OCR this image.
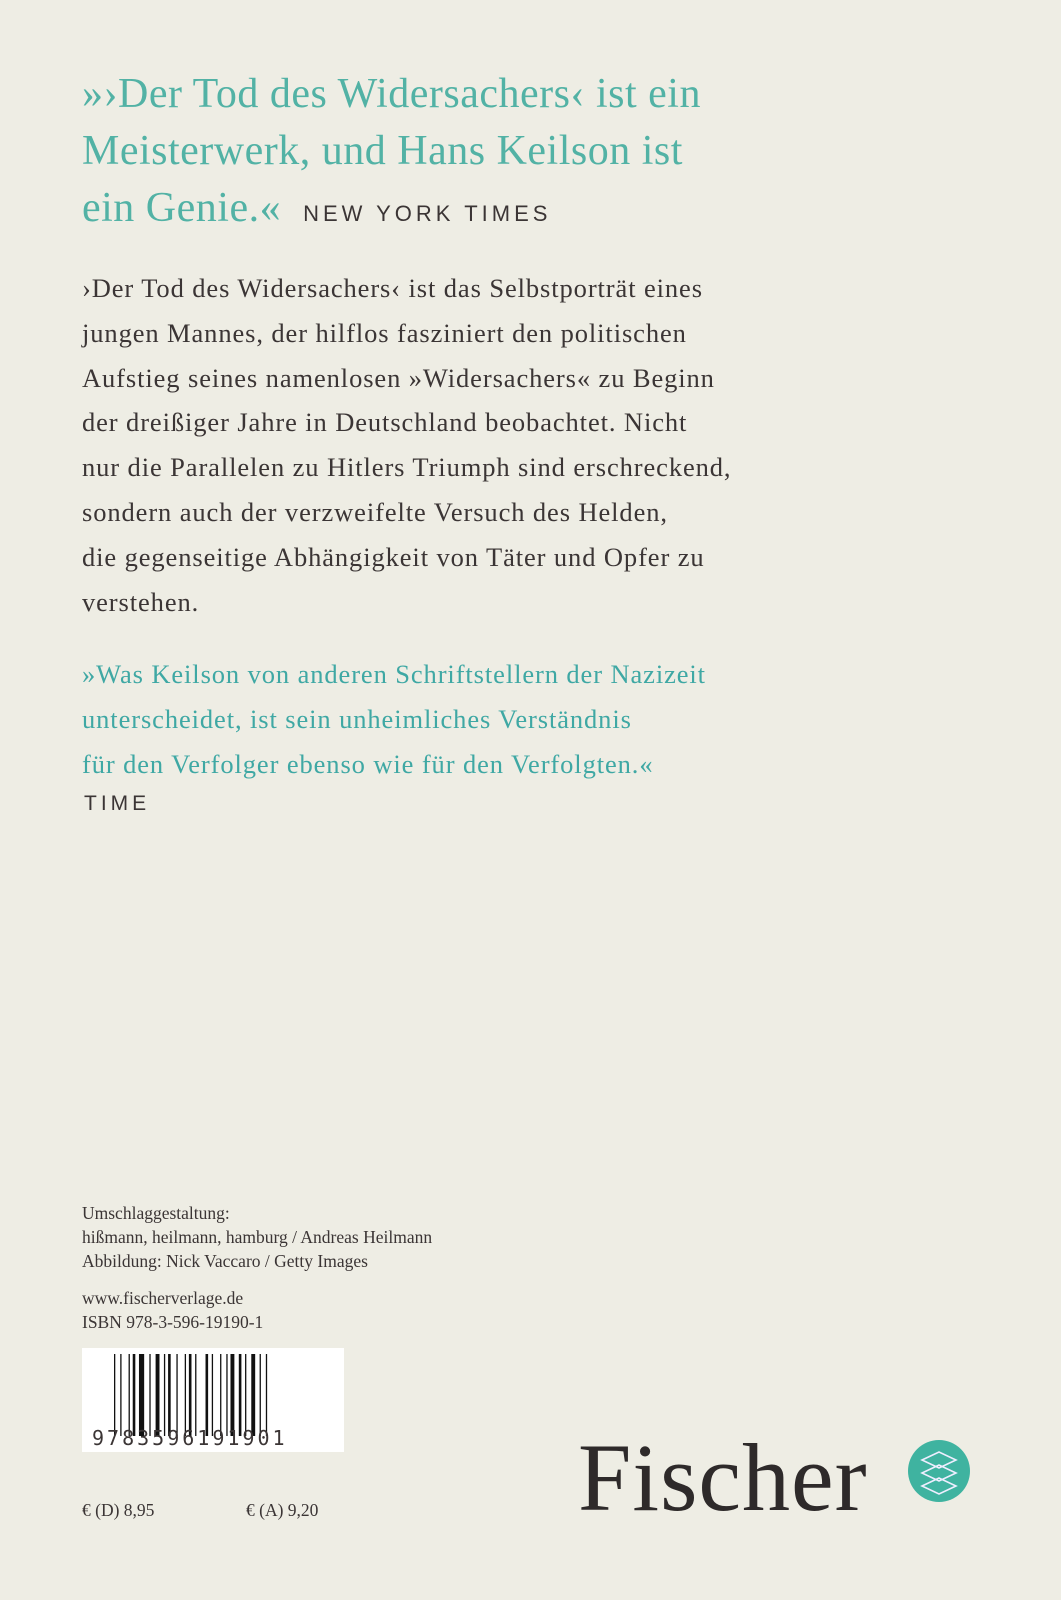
»›Der Tod des Widersachers‹ ist ein
Meisterwerk, und Hans Keilson ist
ein Genie.« NEW YORK TIMES
›Der Tod des Widersachers‹ ist das Selbstporträt eines
jungen Mannes, der hilflos fasziniert den politischen
Aufstieg seines namenlosen »Widersachers« zu Beginn
der dreißiger Jahre in Deutschland beobachtet. Nicht
nur die Parallelen zu Hitlers Triumph sind erschreckend,
sondern auch der verzweifelte Versuch des Helden,
die gegenseitige Abhängigkeit von Täter und Opfer zu
verstehen.
»Was Keilson von anderen Schriftstellern der Nazizeit
unterscheidet, ist sein unheimliches Verständnis
für den Verfolger ebenso wie für den Verfolgten.«
TIME
Umschlaggestaltung:
hißmann, heilmann, hamburg / Andreas Heilmann
Abbildung: Nick Vaccaro / Getty Images
www.fischerverlage.de
ISBN 978-3-596-19190-1
9783596191901
€ (D) 8,95	€ (A) 9,20	Fischer
